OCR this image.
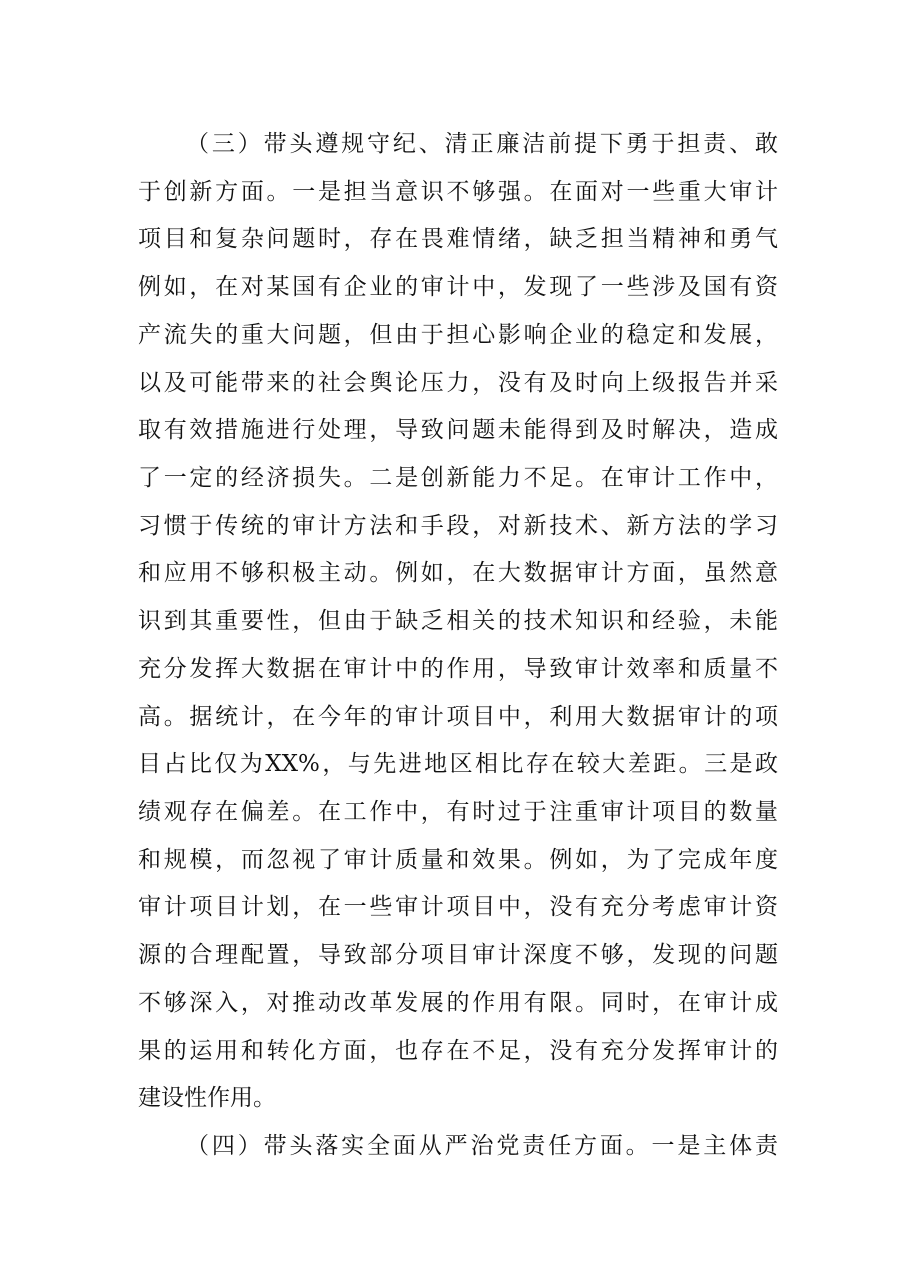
（三）带头遵规守纪、清正廉洁前提下勇于担责、敢
于创新方面。一是担当意识不够强。在面对一些重大审计
项目和复杂问题时，存在畏难情绪，缺乏担当精神和勇气
例如，在对某国有企业的审计中，发现了一些涉及国有资
产流失的重大问题，但由于担心影响企业的稳定和发展，
以及可能带来的社会舆论压力，没有及时向上级报告并采
取有效措施进行处理，导致问题未能得到及时解决，造成
了一定的经济损失。二是创新能力不足。在审计工作中，
习惯于传统的审计方法和手段，对新技术、新方法的学习
和应用不够积极主动。例如，在大数据审计方面，虽然意
识到其重要性，但由于缺乏相关的技术知识和经验，未能
充分发挥大数据在审计中的作用，导致审计效率和质量不
高。据统计，在今年的审计项目中，利用大数据审计的项
目占比仅为XX%，与先进地区相比存在较大差距。三是政
绩观存在偏差。在工作中，有时过于注重审计项目的数量
和规模，而忽视了审计质量和效果。例如，为了完成年度
审计项目计划，在一些审计项目中，没有充分考虑审计资
源的合理配置，导致部分项目审计深度不够，发现的问题
不够深入，对推动改革发展的作用有限。同时，在审计成
果的运用和转化方面，也存在不足，没有充分发挥审计的
建设性作用。
（四）带头落实全面从严治党责任方面。一是主体责
